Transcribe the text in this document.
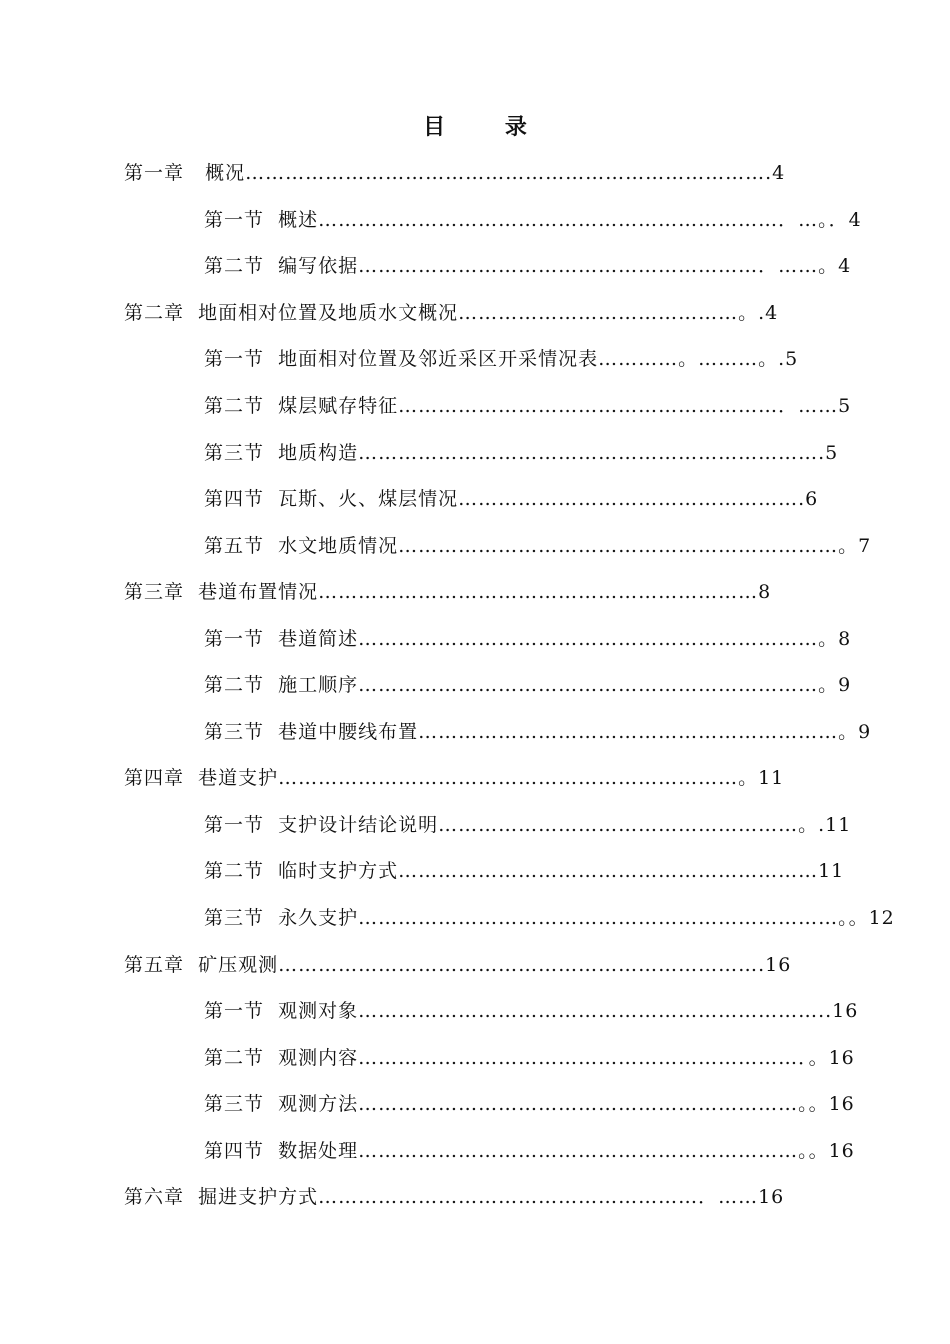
目 录
第一章   概况…………………………………………………………………….4
第一节  概述……………………………………………………………．…。．4
第二节  编写依据……………………………………………………．……。4
第二章  地面相对位置及地质水文概况……………………………………。.4
第一节  地面相对位置及邻近采区开采情况表…………。………。.5
第二节  煤层赋存特征…………………………………………………．……5
第三节  地质构造…………………………………………………………….5
第四节  瓦斯、火、煤层情况…………………………………………….6
第五节  水文地质情况…………………………………………………………。7
第三章  巷道布置情况…………………………………………………………8
第一节  巷道简述……………………………………………………………。8
第二节  施工顺序……………………………………………………………。9
第三节  巷道中腰线布置………………………………………………………。9
第四章  巷道支护……………………………………………………………。11
第一节  支护设计结论说明………………………………………………。.11
第二节  临时支护方式………………………………………………………11
第三节  永久支护………………………………………………………………。。12
第五章  矿压观测……………………………………………………………….16
第一节  观测对象……………………………………………………………..16
第二节  观测内容…………………………………………………………．。16
第三节  观测方法…………………………………………………………。。16
第四节  数据处理…………………………………………………………。。16
第六章  掘进支护方式…………………………………………………．……16
